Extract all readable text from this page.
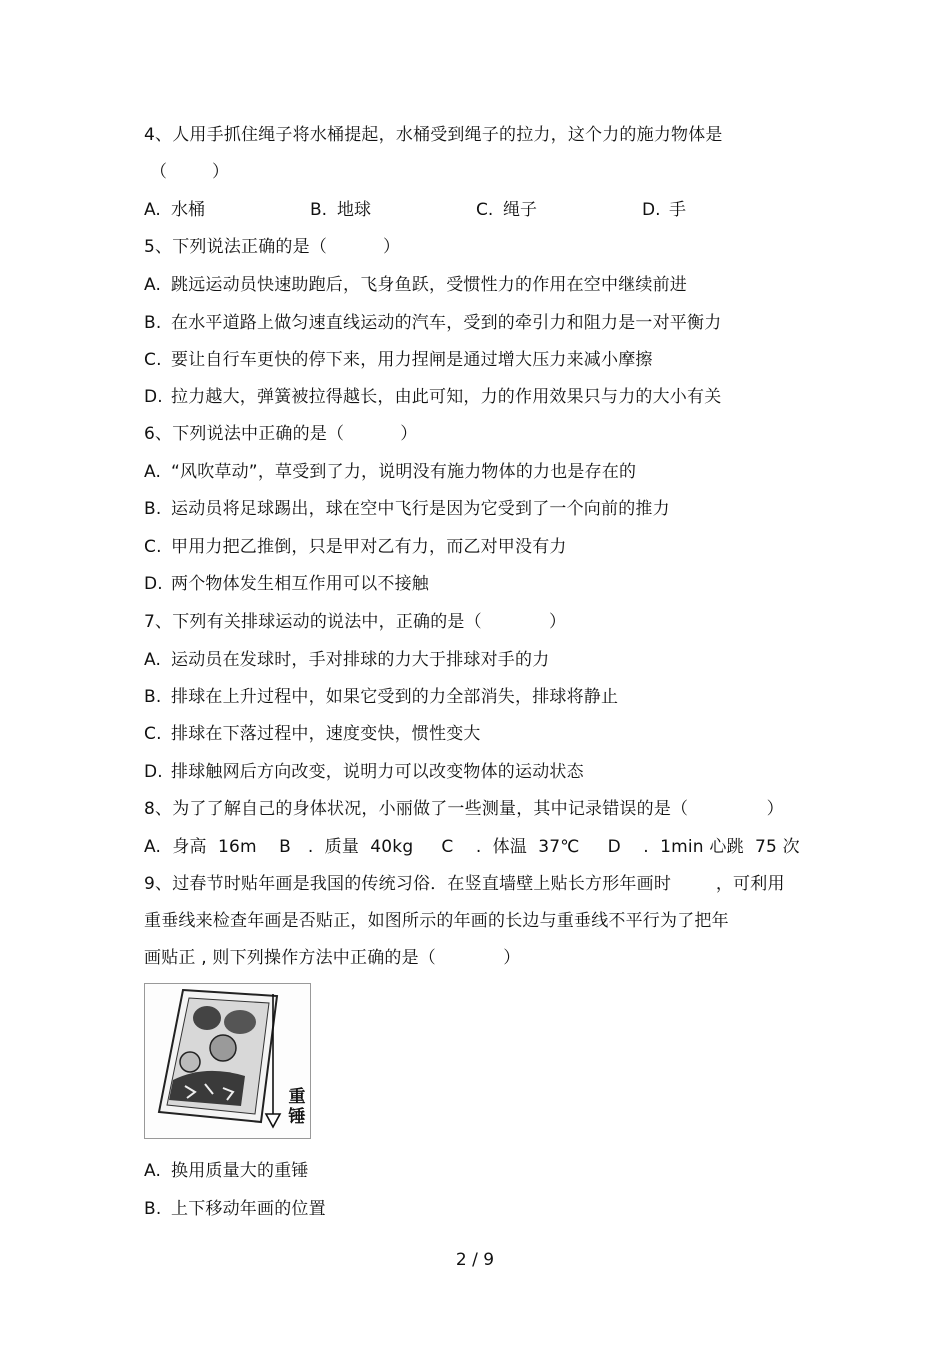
4、人用手抓住绳子将水桶提起，水桶受到绳子的拉力，这个力的施力物体是
（        ）
A. 水桶	B. 地球	C. 绳子	D. 手
5、下列说法正确的是（          ）
A. 跳远运动员快速助跑后，飞身鱼跃，受惯性力的作用在空中继续前进
B. 在水平道路上做匀速直线运动的汽车，受到的牵引力和阻力是一对平衡力
C. 要让自行车更快的停下来，用力捏闸是通过增大压力来减小摩擦
D. 拉力越大，弹簧被拉得越长，由此可知，力的作用效果只与力的大小有关
6、下列说法中正确的是（          ）
A. “风吹草动”，草受到了力，说明没有施力物体的力也是存在的
B. 运动员将足球踢出，球在空中飞行是因为它受到了一个向前的推力
C. 甲用力把乙推倒，只是甲对乙有力，而乙对甲没有力
D. 两个物体发生相互作用可以不接触
7、下列有关排球运动的说法中，正确的是（            ）
A. 运动员在发球时，手对排球的力大于排球对手的力
B. 排球在上升过程中，如果它受到的力全部消失，排球将静止
C. 排球在下落过程中，速度变快，惯性变大
D. 排球触网后方向改变，说明力可以改变物体的运动状态
8、为了了解自己的身体状况，小丽做了一些测量，其中记录错误的是（              ）
A.  身高  16m    B   .  质量  40kg     C    .  体温  37℃     D    .  1min 心跳  75 次
9、过春节时贴年画是我国的传统习俗．在竖直墙壁上贴长方形年画时        ，可利用
重垂线来检查年画是否贴正，如图所示的年画的长边与重垂线不平行为了把年
画贴正 , 则下列操作方法中正确的是（            ）
重锤
A. 换用质量大的重锤
B. 上下移动年画的位置
2 / 9
